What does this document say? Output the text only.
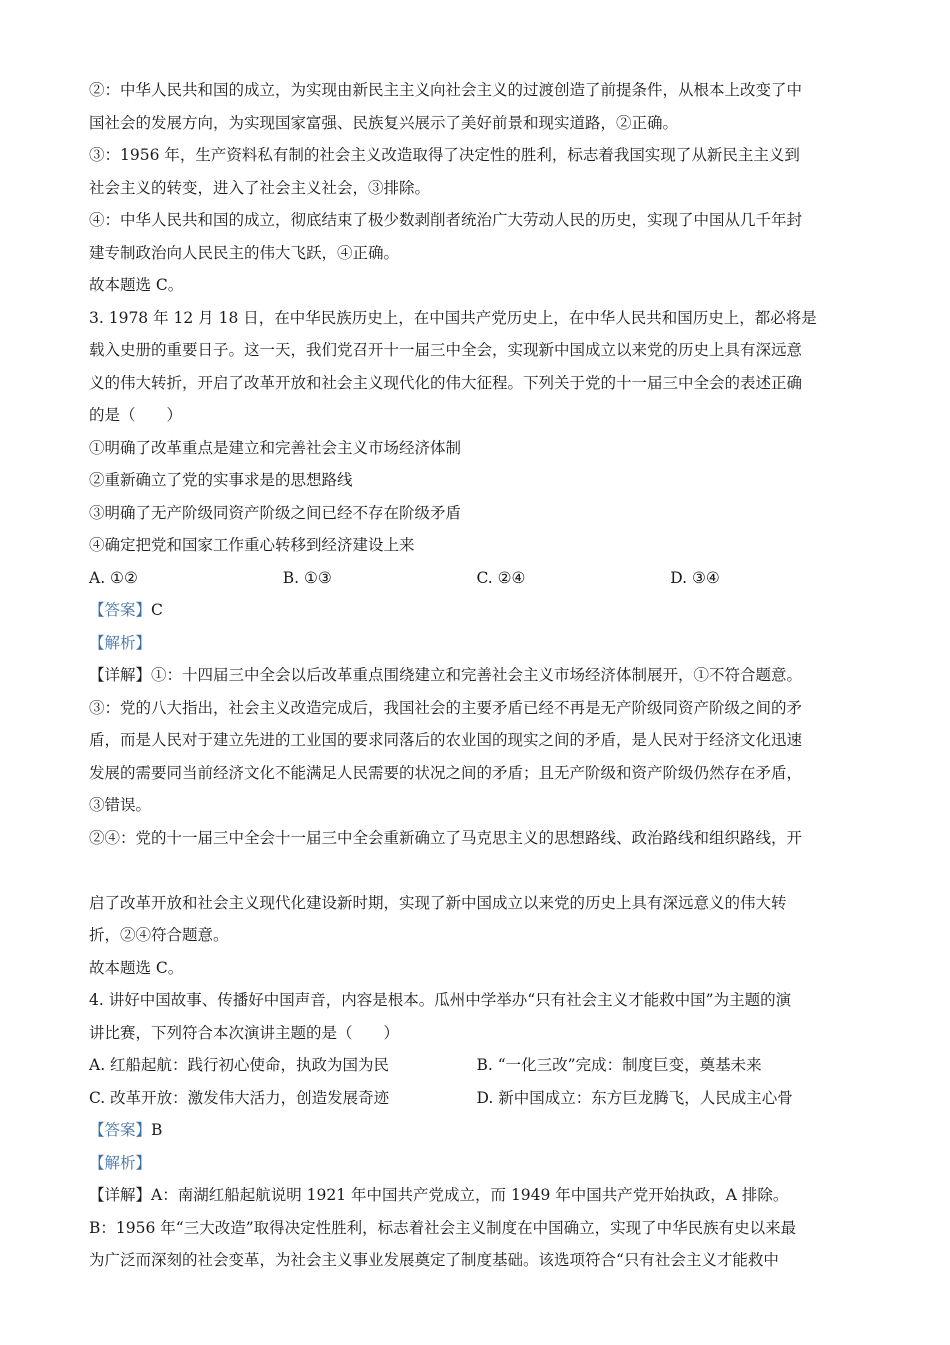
②：中华人民共和国的成立，为实现由新民主主义向社会主义的过渡创造了前提条件，从根本上改变了中
国社会的发展方向，为实现国家富强、民族复兴展示了美好前景和现实道路，②正确。
③：1956 年，生产资料私有制的社会主义改造取得了决定性的胜利，标志着我国实现了从新民主主义到
社会主义的转变，进入了社会主义社会，③排除。
④：中华人民共和国的成立，彻底结束了极少数剥削者统治广大劳动人民的历史，实现了中国从几千年封
建专制政治向人民民主的伟大飞跃，④正确。
故本题选 C。
3. 1978 年 12 月 18 日，在中华民族历史上，在中国共产党历史上，在中华人民共和国历史上，都必将是
载入史册的重要日子。这一天，我们党召开十一届三中全会，实现新中国成立以来党的历史上具有深远意
义的伟大转折，开启了改革开放和社会主义现代化的伟大征程。下列关于党的十一届三中全会的表述正确
的是（　　）
①明确了改革重点是建立和完善社会主义市场经济体制
②重新确立了党的实事求是的思想路线
③明确了无产阶级同资产阶级之间已经不存在阶级矛盾
④确定把党和国家工作重心转移到经济建设上来
A. ①②	B. ①③	C. ②④	D. ③④
【答案】C
【解析】
【详解】①：十四届三中全会以后改革重点围绕建立和完善社会主义市场经济体制展开，①不符合题意。
③：党的八大指出，社会主义改造完成后，我国社会的主要矛盾已经不再是无产阶级同资产阶级之间的矛
盾，而是人民对于建立先进的工业国的要求同落后的农业国的现实之间的矛盾，是人民对于经济文化迅速
发展的需要同当前经济文化不能满足人民需要的状况之间的矛盾；且无产阶级和资产阶级仍然存在矛盾，
③错误。
②④：党的十一届三中全会十一届三中全会重新确立了马克思主义的思想路线、政治路线和组织路线，开
启了改革开放和社会主义现代化建设新时期，实现了新中国成立以来党的历史上具有深远意义的伟大转
折，②④符合题意。
故本题选 C。
4. 讲好中国故事、传播好中国声音，内容是根本。瓜州中学举办“只有社会主义才能救中国”为主题的演
讲比赛，下列符合本次演讲主题的是（　　）
A. 红船起航：践行初心使命，执政为国为民	B. “一化三改”完成：制度巨变，奠基未来
C. 改革开放：激发伟大活力，创造发展奇迹	D. 新中国成立：东方巨龙腾飞，人民成主心骨
【答案】B
【解析】
【详解】A：南湖红船起航说明 1921 年中国共产党成立，而 1949 年中国共产党开始执政，A 排除。
B：1956 年“三大改造”取得决定性胜利，标志着社会主义制度在中国确立，实现了中华民族有史以来最
为广泛而深刻的社会变革，为社会主义事业发展奠定了制度基础。该选项符合“只有社会主义才能救中
